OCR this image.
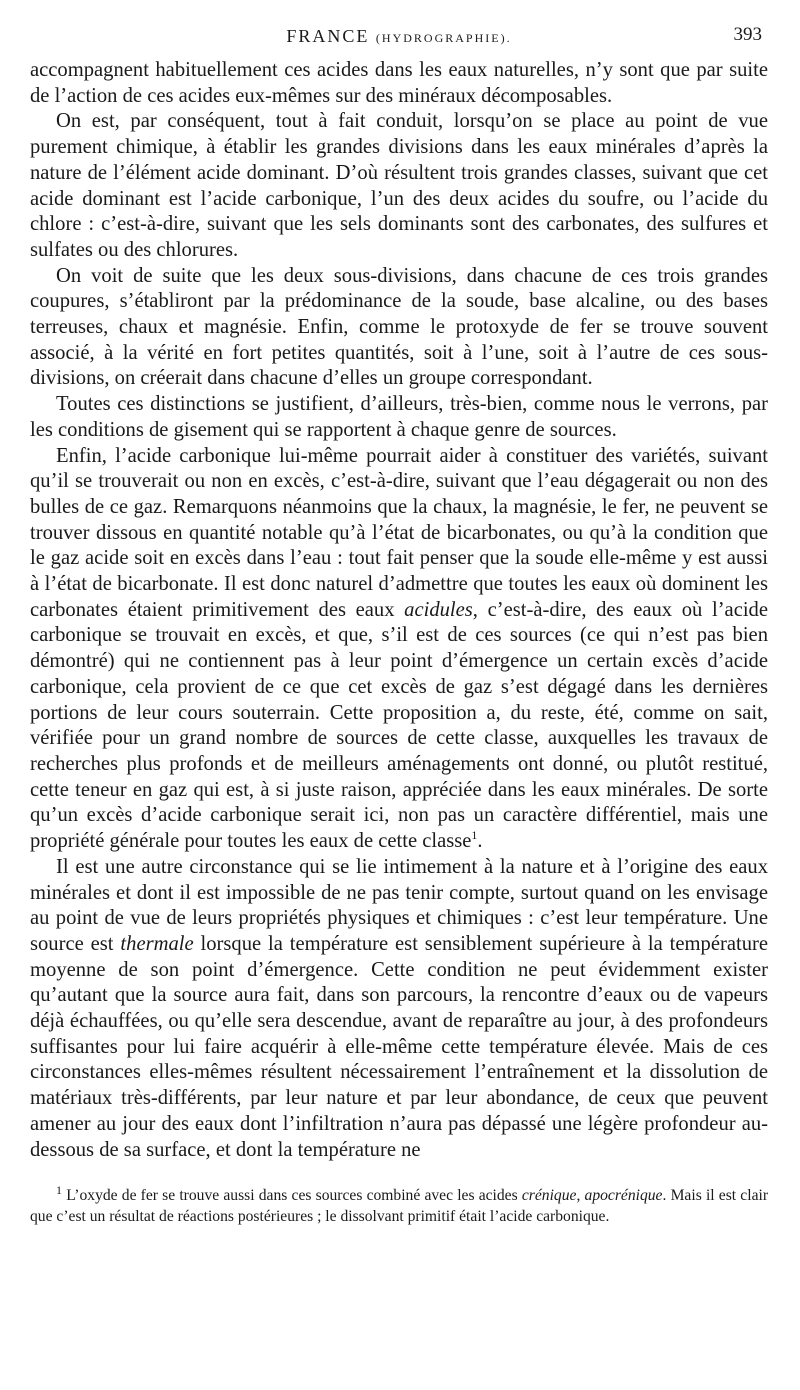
FRANCE (HYDROGRAPHIE).	393

accompagnent habituellement ces acides dans les eaux naturelles, n’y sont que par suite de l’action de ces acides eux-mêmes sur des minéraux décomposables.

On est, par conséquent, tout à fait conduit, lorsqu’on se place au point de vue purement chimique, à établir les grandes divisions dans les eaux minérales d’après la nature de l’élément acide dominant. D’où résultent trois grandes classes, suivant que cet acide dominant est l’acide carbonique, l’un des deux acides du soufre, ou l’acide du chlore : c’est-à-dire, suivant que les sels dominants sont des carbonates, des sulfures et sulfates ou des chlorures.

On voit de suite que les deux sous-divisions, dans chacune de ces trois grandes coupures, s’établiront par la prédominance de la soude, base alcaline, ou des bases terreuses, chaux et magnésie. Enfin, comme le protoxyde de fer se trouve souvent associé, à la vérité en fort petites quantités, soit à l’une, soit à l’autre de ces sous-divisions, on créerait dans chacune d’elles un groupe correspondant.

Toutes ces distinctions se justifient, d’ailleurs, très-bien, comme nous le verrons, par les conditions de gisement qui se rapportent à chaque genre de sources.

Enfin, l’acide carbonique lui-même pourrait aider à constituer des variétés, suivant qu’il se trouverait ou non en excès, c’est-à-dire, suivant que l’eau dégagerait ou non des bulles de ce gaz. Remarquons néanmoins que la chaux, la magnésie, le fer, ne peuvent se trouver dissous en quantité notable qu’à l’état de bicarbonates, ou qu’à la condition que le gaz acide soit en excès dans l’eau : tout fait penser que la soude elle-même y est aussi à l’état de bicarbonate. Il est donc naturel d’admettre que toutes les eaux où dominent les carbonates étaient primitivement des eaux acidules, c’est-à-dire, des eaux où l’acide carbonique se trouvait en excès, et que, s’il est de ces sources (ce qui n’est pas bien démontré) qui ne contiennent pas à leur point d’émergence un certain excès d’acide carbonique, cela provient de ce que cet excès de gaz s’est dégagé dans les dernières portions de leur cours souterrain. Cette proposition a, du reste, été, comme on sait, vérifiée pour un grand nombre de sources de cette classe, auxquelles les travaux de recherches plus profonds et de meilleurs aménagements ont donné, ou plutôt restitué, cette teneur en gaz qui est, à si juste raison, appréciée dans les eaux minérales. De sorte qu’un excès d’acide carbonique serait ici, non pas un caractère différentiel, mais une propriété générale pour toutes les eaux de cette classe$^1$.

Il est une autre circonstance qui se lie intimement à la nature et à l’origine des eaux minérales et dont il est impossible de ne pas tenir compte, surtout quand on les envisage au point de vue de leurs propriétés physiques et chimiques : c’est leur température. Une source est thermale lorsque la température est sensiblement supérieure à la température moyenne de son point d’émergence. Cette condition ne peut évidemment exister qu’autant que la source aura fait, dans son parcours, la rencontre d’eaux ou de vapeurs déjà échauffées, ou qu’elle sera descendue, avant de reparaître au jour, à des profondeurs suffisantes pour lui faire acquérir à elle-même cette température élevée. Mais de ces circonstances elles-mêmes résultent nécessairement l’entraînement et la dissolution de matériaux très-différents, par leur nature et par leur abondance, de ceux que peuvent amener au jour des eaux dont l’infiltration n’aura pas dépassé une légère profondeur au-dessous de sa surface, et dont la température ne

$^1$ L’oxyde de fer se trouve aussi dans ces sources combiné avec les acides crénique, apocrénique. Mais il est clair que c’est un résultat de réactions postérieures ; le dissolvant primitif était l’acide carbonique.
